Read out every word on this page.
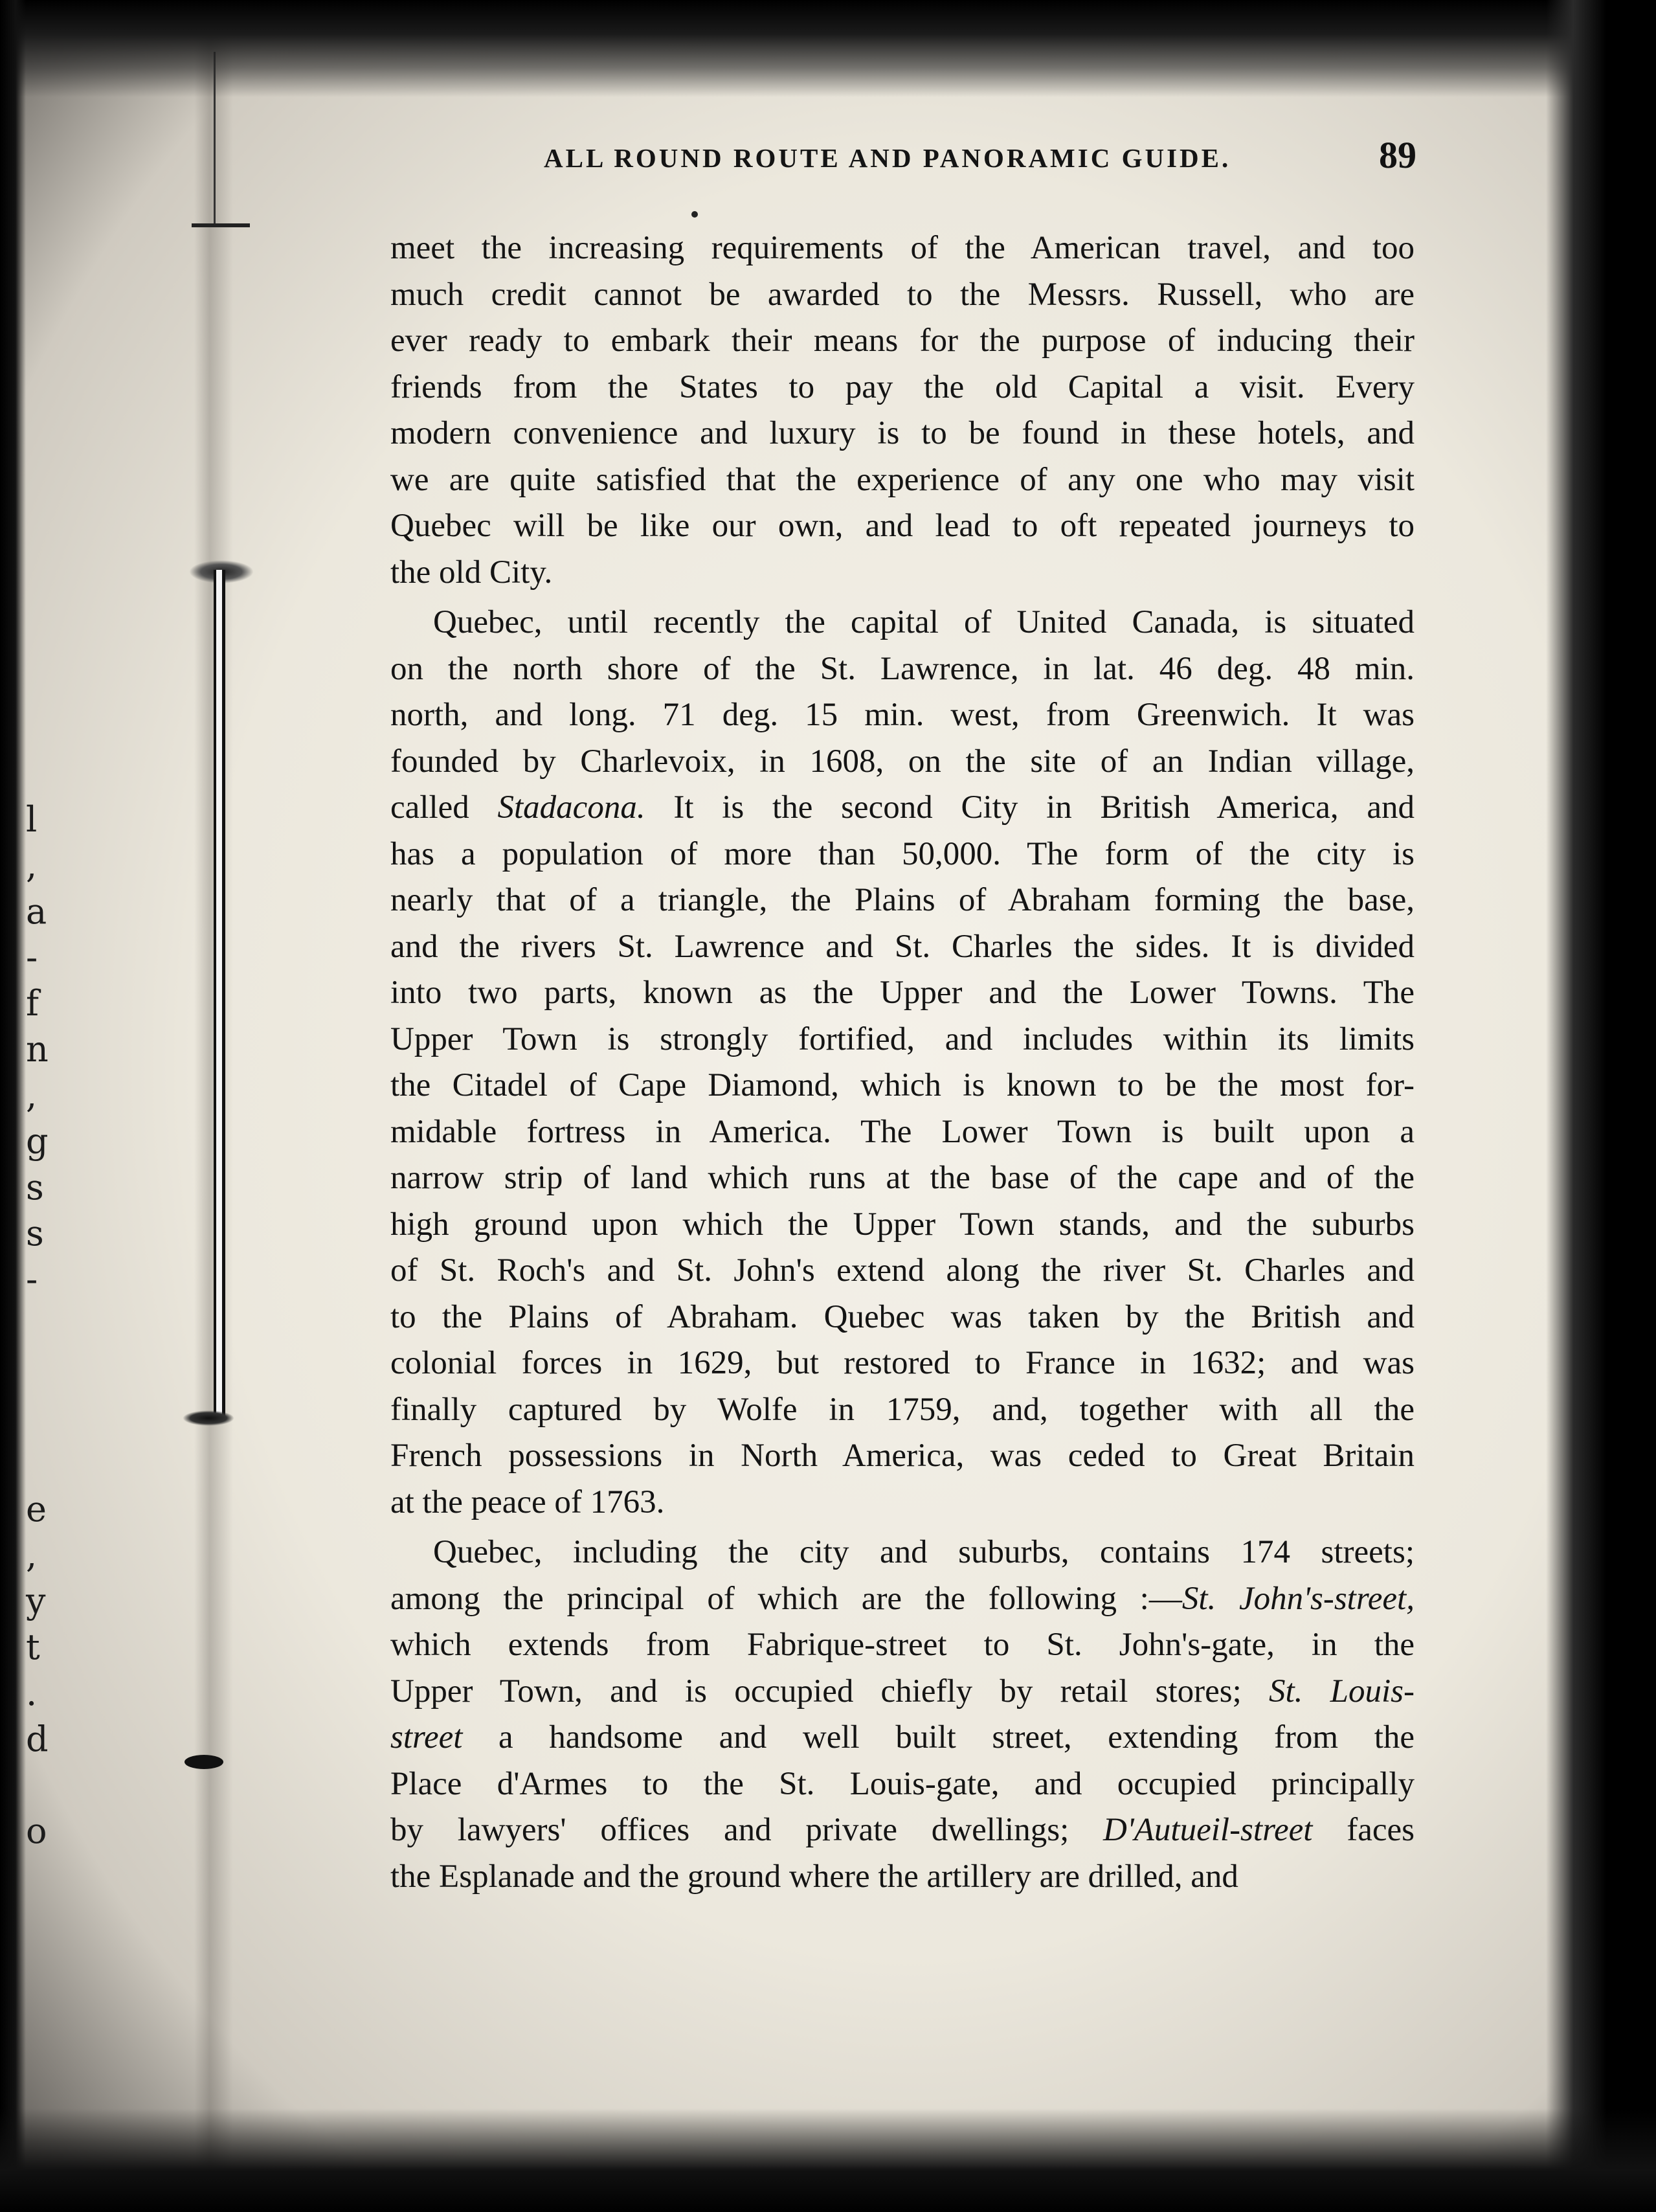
l
,
a
-
f
n
,
g
s
s
-
e
,
y
t
.
d
o
ALL ROUND ROUTE AND PANORAMIC GUIDE.	89
meet the increasing requirements of the American travel, and too
much credit cannot be awarded to the Messrs. Russell, who are
ever ready to embark their means for the purpose of inducing their
friends from the States to pay the old Capital a visit. Every
modern convenience and luxury is to be found in these hotels, and
we are quite satisfied that the experience of any one who may visit
Quebec will be like our own, and lead to oft repeated journeys to
the old City.
Quebec, until recently the capital of United Canada, is situated
on the north shore of the St. Lawrence, in lat. 46 deg. 48 min.
north, and long. 71 deg. 15 min. west, from Greenwich. It was
founded by Charlevoix, in 1608, on the site of an Indian village,
called Stadacona. It is the second City in British America, and
has a population of more than 50,000. The form of the city is
nearly that of a triangle, the Plains of Abraham forming the base,
and the rivers St. Lawrence and St. Charles the sides. It is divided
into two parts, known as the Upper and the Lower Towns. The
Upper Town is strongly fortified, and includes within its limits
the Citadel of Cape Diamond, which is known to be the most for-
midable fortress in America. The Lower Town is built upon a
narrow strip of land which runs at the base of the cape and of the
high ground upon which the Upper Town stands, and the suburbs
of St. Roch's and St. John's extend along the river St. Charles and
to the Plains of Abraham. Quebec was taken by the British and
colonial forces in 1629, but restored to France in 1632; and was
finally captured by Wolfe in 1759, and, together with all the
French possessions in North America, was ceded to Great Britain
at the peace of 1763.
Quebec, including the city and suburbs, contains 174 streets;
among the principal of which are the following :—St. John's-street,
which extends from Fabrique-street to St. John's-gate, in the
Upper Town, and is occupied chiefly by retail stores; St. Louis-
street a handsome and well built street, extending from the
Place d'Armes to the St. Louis-gate, and occupied principally
by lawyers' offices and private dwellings; D'Autueil-street faces
the Esplanade and the ground where the artillery are drilled, and
